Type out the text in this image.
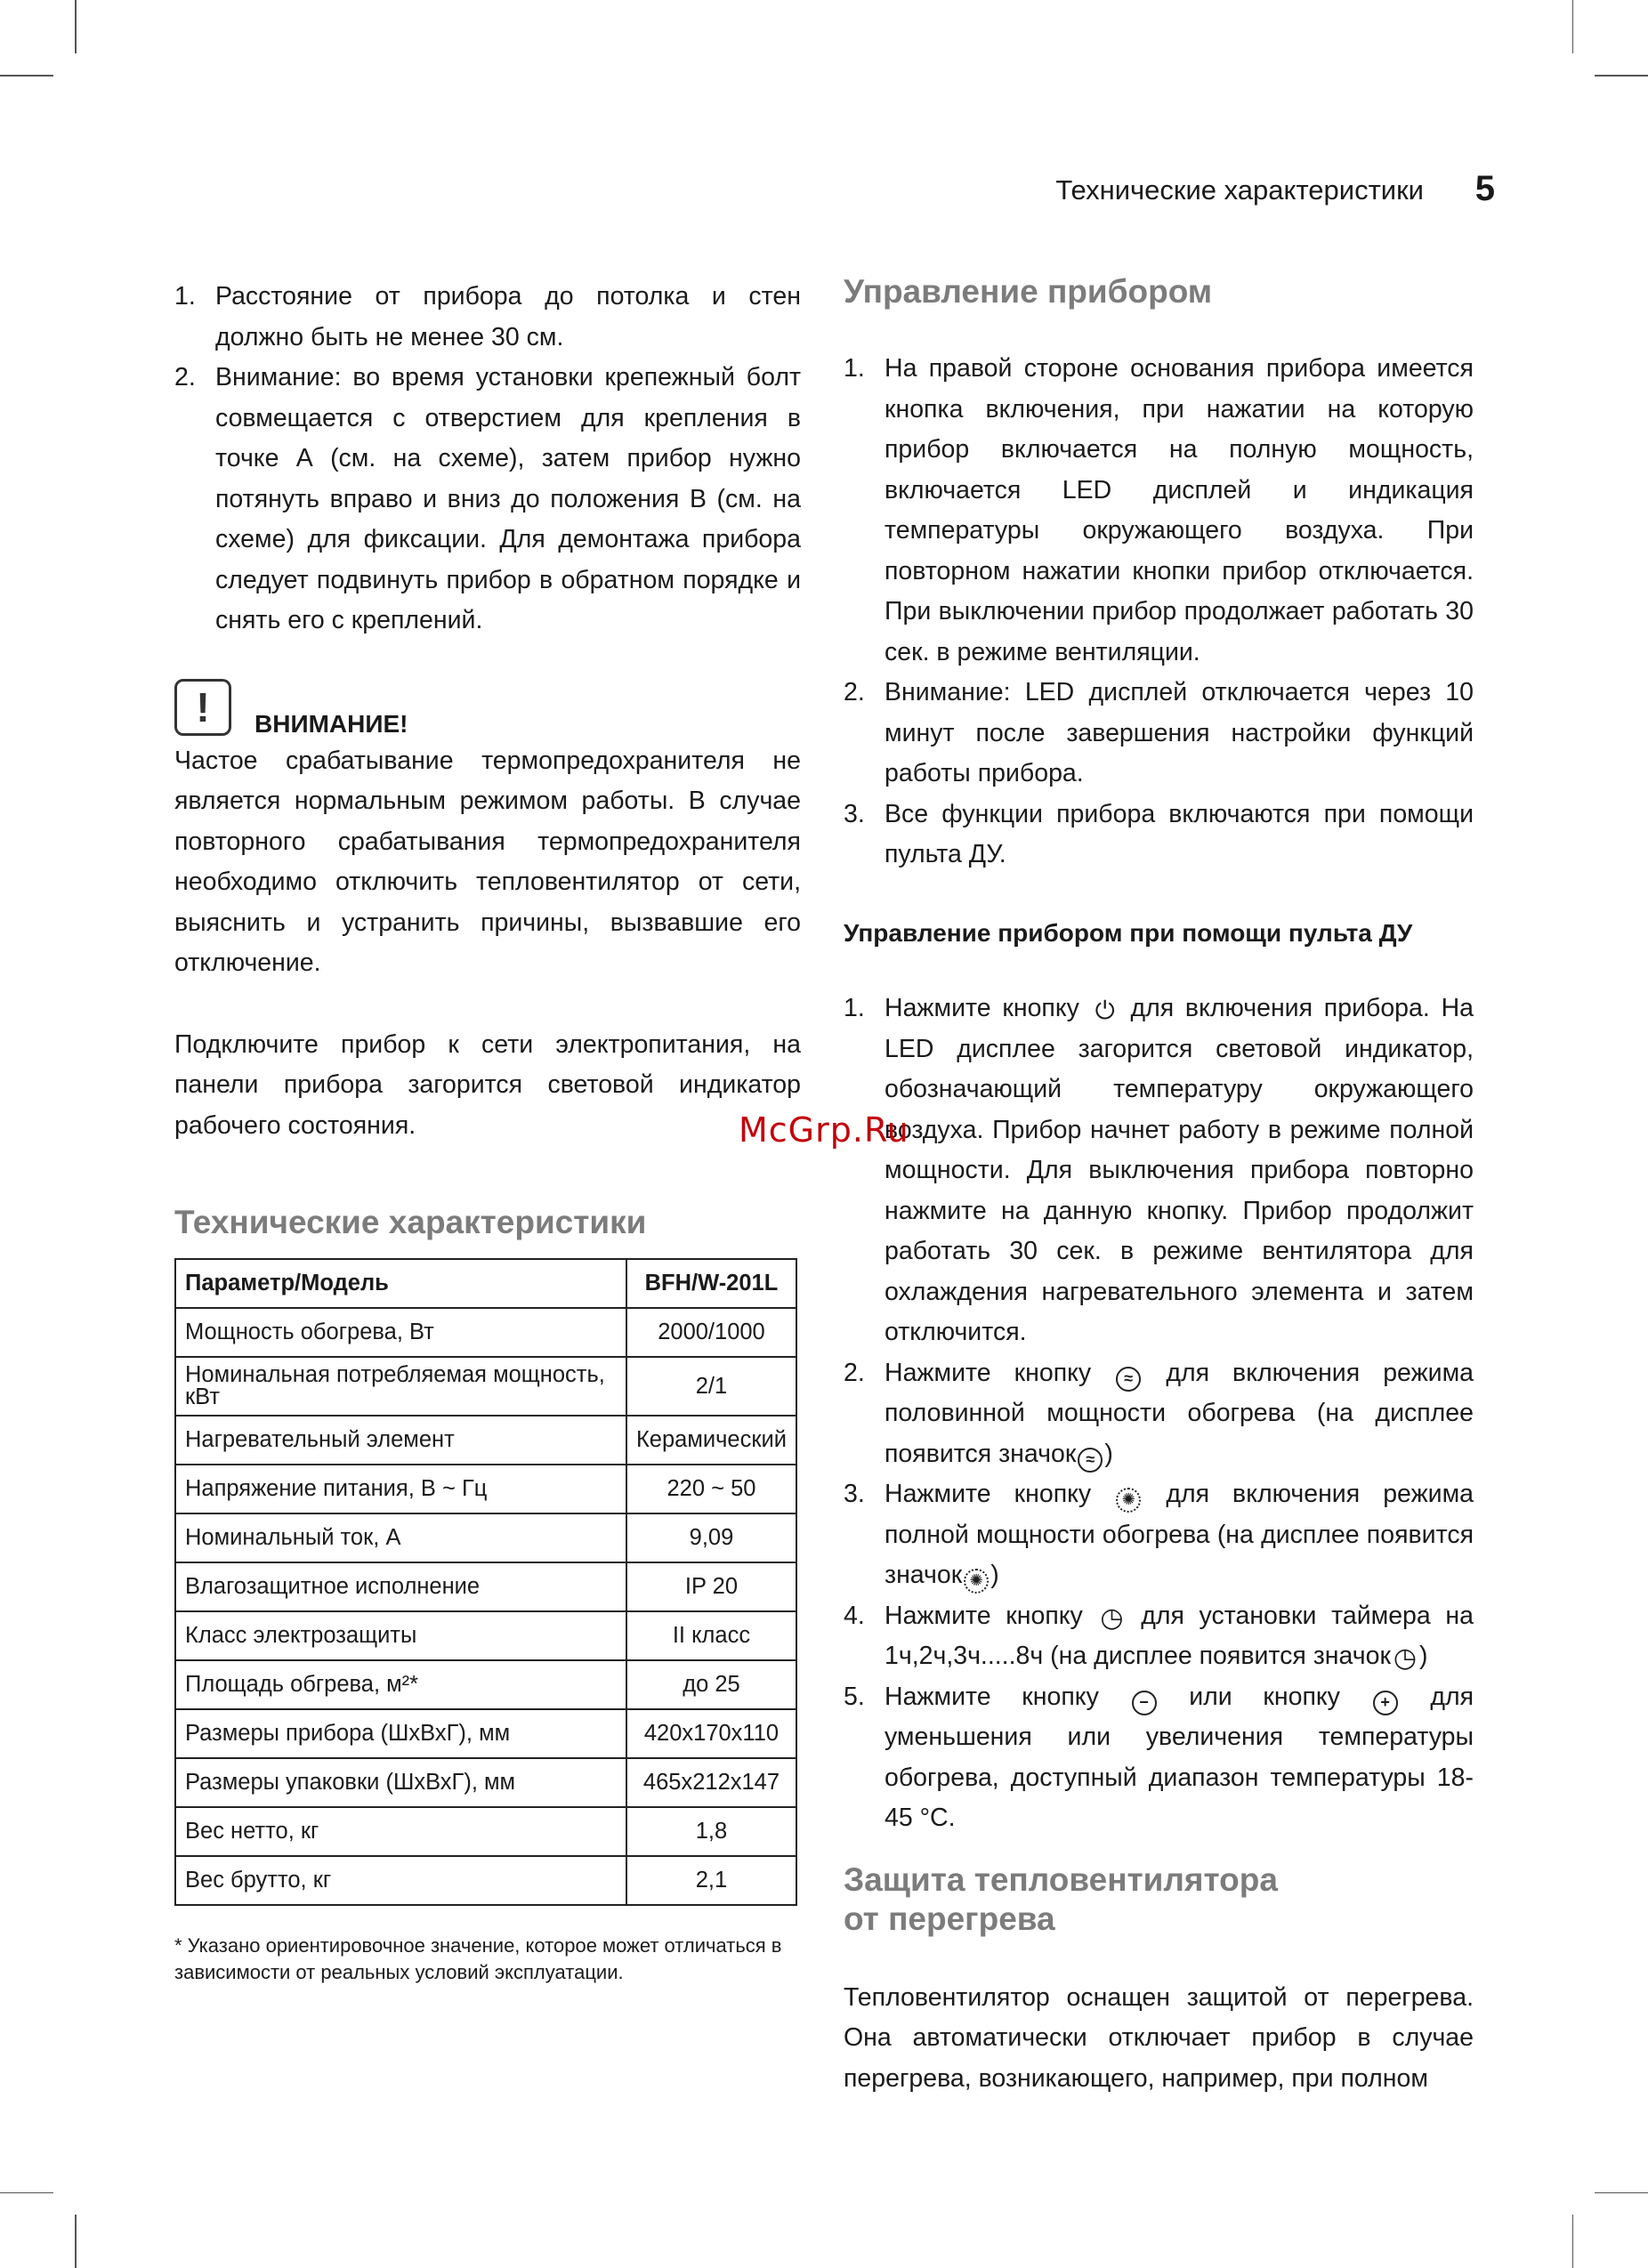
Технические характеристики 5
1. Расстояние от прибора до потолка и стен должно быть не менее 30 см.
2. Внимание: во время установки крепежный болт совмещается с отверстием для крепления в точке А (см. на схеме), затем прибор нужно потянуть вправо и вниз до положения В (см. на схеме) для фиксации. Для демонтажа прибора следует подвинуть прибор в обратном порядке и снять его с креплений.
!	ВНИМАНИЕ!

Частое срабатывание термопредохранителя не является нормальным режимом работы. В случае повторного срабатывания термопредохранителя необходимо отключить тепловентилятор от сети, выяснить и устранить причины, вызвавшие его отключение.

Подключите прибор к сети электропитания, на панели прибора загорится световой индикатор рабочего состояния.

Технические характеристики
Параметр/Модель	BFH/W-201L
Мощность обогрева, Вт	2000/1000
Номинальная потребляемая мощность, кВт	2/1
Нагревательный элемент	Керамический
Напряжение питания, В ~ Гц	220 ~ 50
Номинальный ток, А	9,09
Влагозащитное исполнение	IP 20
Класс электрозащиты	II класс
Площадь обгрева, м²*	до 25
Размеры прибора (ШхВхГ), мм	420x170x110
Размеры упаковки (ШхВхГ), мм	465x212x147
Вес нетто, кг	1,8
Вес брутто, кг	2,1
* Указано ориентировочное значение, которое может отличаться в зависимости от реальных условий эксплуатации.
Управление прибором
1. На правой стороне основания прибора имеется кнопка включения, при нажатии на которую прибор включается на полную мощность, включается LED дисплей и индикация температуры окружающего воздуха. При повторном нажатии кнопки прибор отключается. При выключении прибор продолжает работать 30 сек. в режиме вентиляции.
2. Внимание: LED дисплей отключается через 10 минут после завершения настройки функций работы прибора.
3. Все функции прибора включаются при помощи пульта ДУ.
Управление прибором при помощи пульта ДУ
1. Нажмите кнопку ⏻ для включения прибора. На LED дисплее загорится световой индикатор, обозначающий температуру окружающего воздуха. Прибор начнет работу в режиме полной мощности. Для выключения прибора повторно нажмите на данную кнопку. Прибор продолжит работать 30 сек. в режиме вентилятора для охлаждения нагревательного элемента и затем отключится.
2. Нажмите кнопку ≈ для включения режима половинной мощности обогрева (на дисплее появится значок ≈ )
3. Нажмите кнопку ✺ для включения режима полной мощности обогрева (на дисплее появится значок ✺ )
4. Нажмите кнопку ◷ для установки таймера на 1ч,2ч,3ч.....8ч (на дисплее появится значок◷ )
5. Нажмите кнопку	− или кнопку	+ для уменьшения или увеличения температуры обогрева, доступный диапазон температуры 18-45 °С.
Защита тепловентилятора
от перегрева

Тепловентилятор оснащен защитой от перегрева. Она автоматически отключает прибор в случае перегрева, возникающего, например, при полном

McGrp.Ru
